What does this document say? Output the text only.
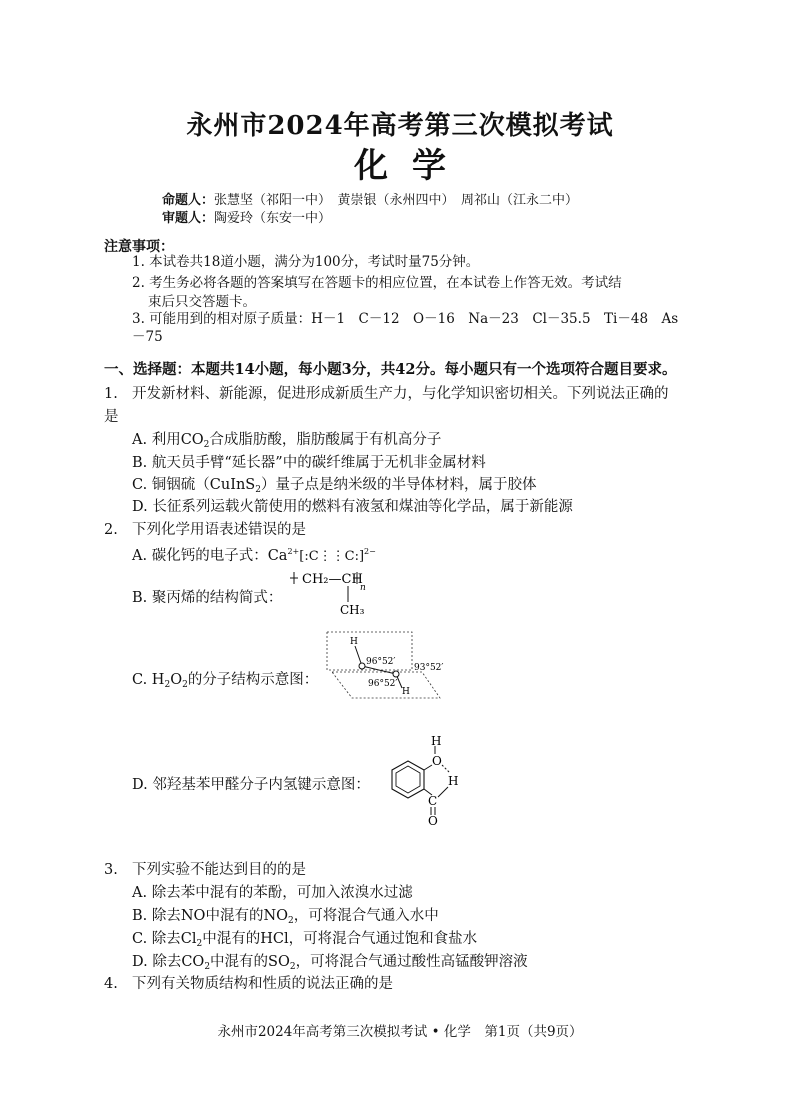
永州市2024年高考第三次模拟考试
化学
命题人：张慧坚（祁阳一中）　黄崇银（永州四中）　周祁山（江永二中）
审题人：陶爱玲（东安一中）
注意事项：
1. 本试卷共18道小题，满分为100分，考试时量75分钟。
2. 考生务必将各题的答案填写在答题卡的相应位置，在本试卷上作答无效。考试结
束后只交答题卡。
3. 可能用到的相对原子质量：H－1　C－12　O－16　Na－23　Cl－35.5　Ti－48　As
－75
一、选择题：本题共14小题，每小题3分，共42分。每小题只有一个选项符合题目要求。
1. 开发新材料、新能源，促进形成新质生产力，与化学知识密切相关。下列说法正确的
是
A. 利用$CO_2$合成脂肪酸，脂肪酸属于有机高分子
B. 航天员手臂“延长器”中的碳纤维属于无机非金属材料
C. 铜铟硫（CuInS$_2$）量子点是纳米级的半导体材料，属于胶体
D. 长征系列运载火箭使用的燃料有液氢和煤油等化学品，属于新能源
2. 下列化学用语表述错误的是
A. 碳化钙的电子式：$Ca^{2+}[:C⋮⋮C:]^{2-}$
B. 聚丙烯的结构简式：
CH₂—CH
n
CH₃
C. $H_2O_2$的分子结构示意图：
H
H
96°52′
96°52′
93°52′
D. 邻羟基苯甲醛分子内氢键示意图：
O
H
H
C
O
3. 下列实验不能达到目的的是
A. 除去苯中混有的苯酚，可加入浓溴水过滤
B. 除去NO中混有的$NO_2$，可将混合气通入水中
C. 除去$Cl_2$中混有的HCl，可将混合气通过饱和食盐水
D. 除去$CO_2$中混有的$SO_2$，可将混合气通过酸性高锰酸钾溶液
4. 下列有关物质结构和性质的说法正确的是
永州市2024年高考第三次模拟考试 • 化学　第1页（共9页）
